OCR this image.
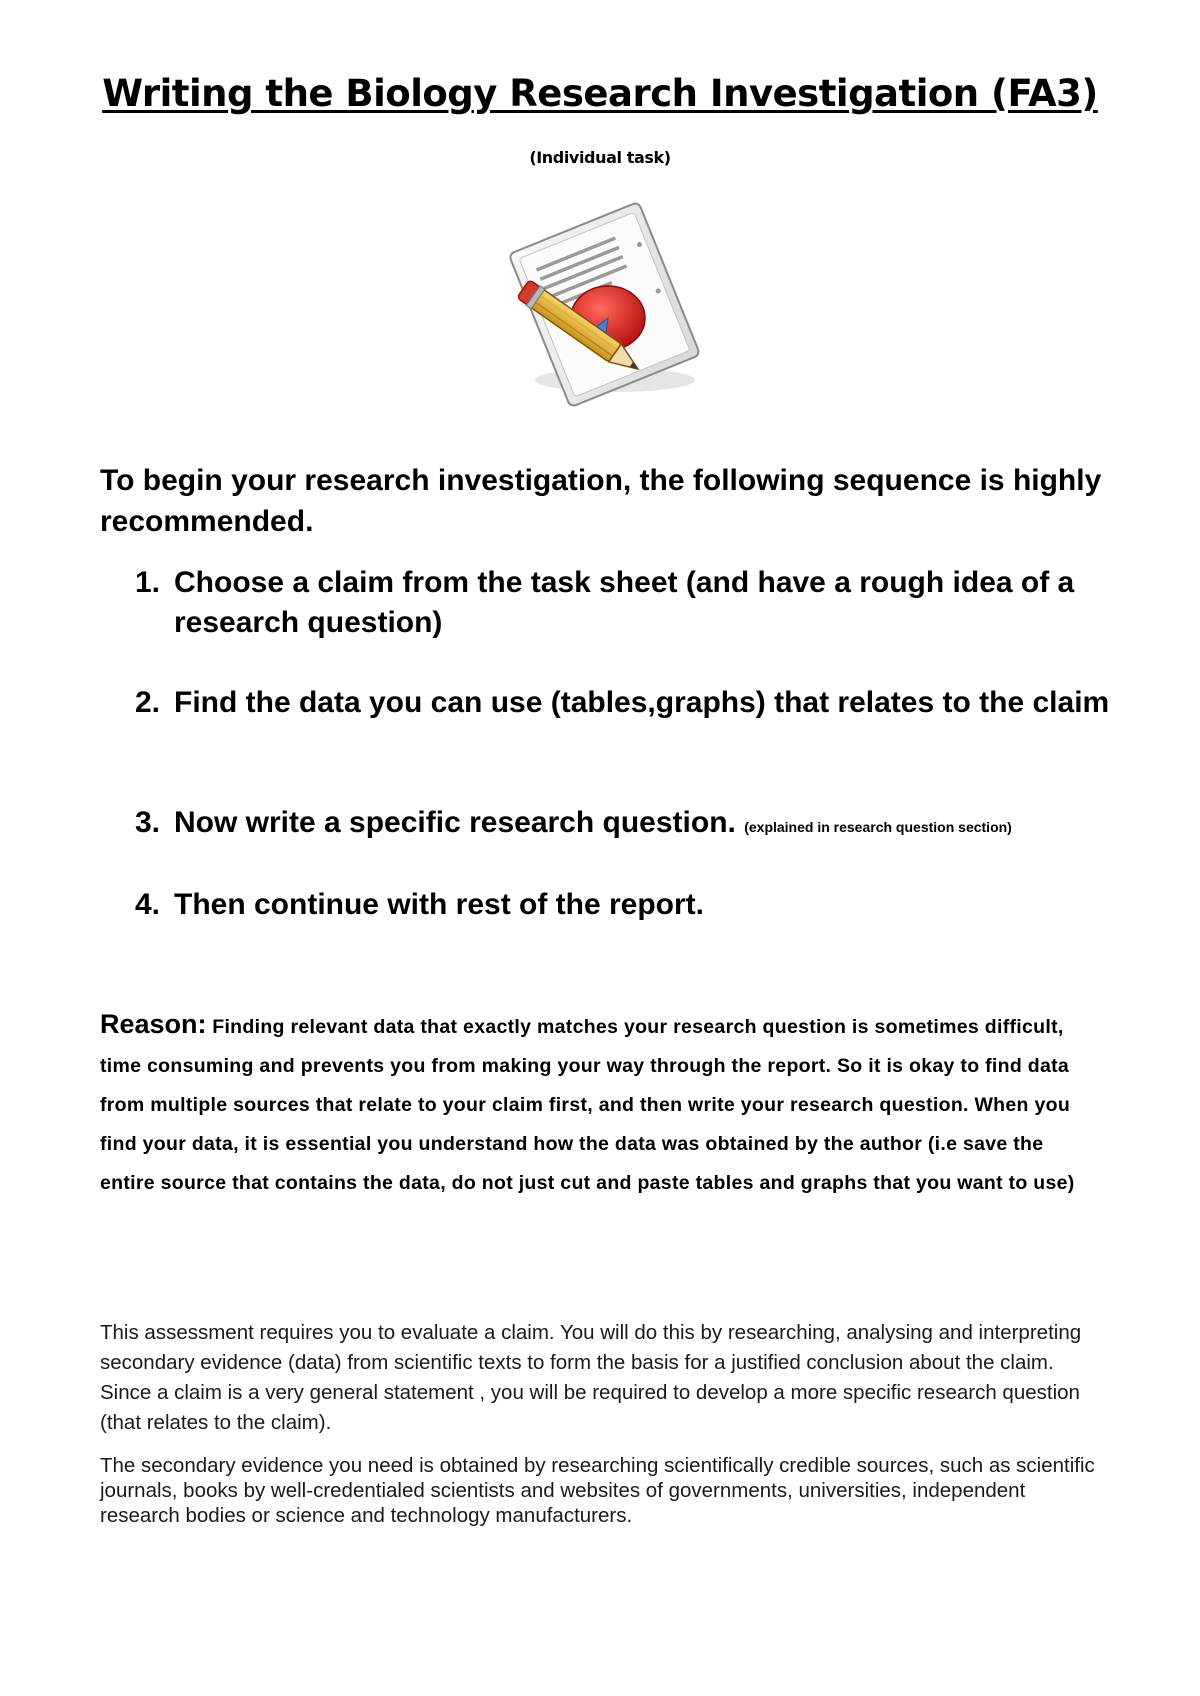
Writing the Biology Research Investigation (FA3)
(Individual task)

To begin your research investigation, the following sequence is highly recommended.

1. Choose a claim from the task sheet (and have a rough idea of a research question)
2. Find the data you can use (tables,graphs) that relates to the claim
3. Now write a specific research question. (explained in research question section)
4. Then continue with rest of the report.

Reason: Finding relevant data that exactly matches your research question is sometimes difficult, time consuming and prevents you from making your way through the report. So it is okay to find data from multiple sources that relate to your claim first, and then write your research question. When you find your data, it is essential you understand how the data was obtained by the author (i.e save the entire source that contains the data, do not just cut and paste tables and graphs that you want to use)

This assessment requires you to evaluate a claim. You will do this by researching, analysing and interpreting secondary evidence (data) from scientific texts to form the basis for a justified conclusion about the claim. Since a claim is a very general statement , you will be required to develop a more specific research question (that relates to the claim).

The secondary evidence you need is obtained by researching scientifically credible sources, such as scientific journals, books by well-credentialed scientists and websites of governments, universities, independent research bodies or science and technology manufacturers.
